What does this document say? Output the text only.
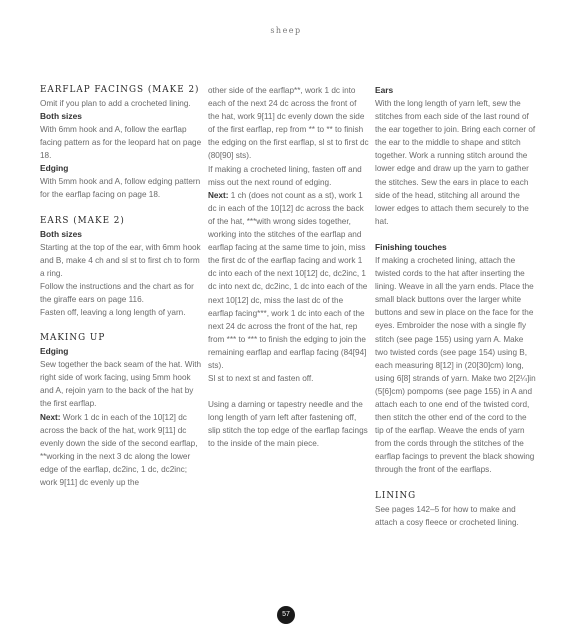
sheep
EARFLAP FACINGS (MAKE 2)

Omit if you plan to add a crocheted lining.

Both sizes

With 6mm hook and A, follow the earflap facing pattern as for the leopard hat on page 18.

Edging

With 5mm hook and A, follow edging pattern for the earflap facing on page 18.

EARS (MAKE 2)
Both sizes

Starting at the top of the ear, with 6mm hook and B, make 4 ch and sl st to first ch to form a ring.

Follow the instructions and the chart as for the giraffe ears on page 116.

Fasten off, leaving a long length of yarn.

MAKING UP
Edging

Sew together the back seam of the hat. With right side of work facing, using 5mm hook and A, rejoin yarn to the back of the hat by the first earflap.

Next: Work 1 dc in each of the 10[12] dc across the back of the hat, work 9[11] dc evenly down the side of the second earflap, **working in the next 3 dc along the lower edge of the earflap, dc2inc, 1 dc, dc2inc; work 9[11] dc evenly up the

other side of the earflap**, work 1 dc into each of the next 24 dc across the front of the hat, work 9[11] dc evenly down the side of the first earflap, rep from ** to ** to finish the edging on the first earflap, sl st to first dc (80[90] sts).

If making a crocheted lining, fasten off and miss out the next round of edging.

Next: 1 ch (does not count as a st), work 1 dc in each of the 10[12] dc across the back of the hat, ***with wrong sides together, working into the stitches of the earflap and earflap facing at the same time to join, miss the first dc of the earflap facing and work 1 dc into each of the next 10[12] dc, dc2inc, 1 dc into next dc, dc2inc, 1 dc into each of the next 10[12] dc, miss the last dc of the earflap facing***, work 1 dc into each of the next 24 dc across the front of the hat, rep from *** to *** to finish the edging to join the remaining earflap and earflap facing (84[94] sts).

Sl st to next st and fasten off.

Using a darning or tapestry needle and the long length of yarn left after fastening off, slip stitch the top edge of the earflap facings to the inside of the main piece.

Ears

With the long length of yarn left, sew the stitches from each side of the last round of the ear together to join. Bring each corner of the ear to the middle to shape and stitch together. Work a running stitch around the lower edge and draw up the yarn to gather the stitches. Sew the ears in place to each side of the head, stitching all around the lower edges to attach them securely to the hat.

Finishing touches

If making a crocheted lining, attach the twisted cords to the hat after inserting the lining. Weave in all the yarn ends. Place the small black buttons over the larger white buttons and sew in place on the face for the eyes. Embroider the nose with a single fly stitch (see page 155) using yarn A. Make two twisted cords (see page 154) using B, each measuring 8[12] in (20[30]cm) long, using 6[8] strands of yarn. Make two 2[2¼]in (5[6]cm) pompoms (see page 155) in A and attach each to one end of the twisted cord, then stitch the other end of the cord to the tip of the earflap. Weave the ends of yarn from the cords through the stitches of the earflap facings to prevent the black showing through the front of the earflaps.

LINING

See pages 142–5 for how to make and attach a cosy fleece or crocheted lining.

57
